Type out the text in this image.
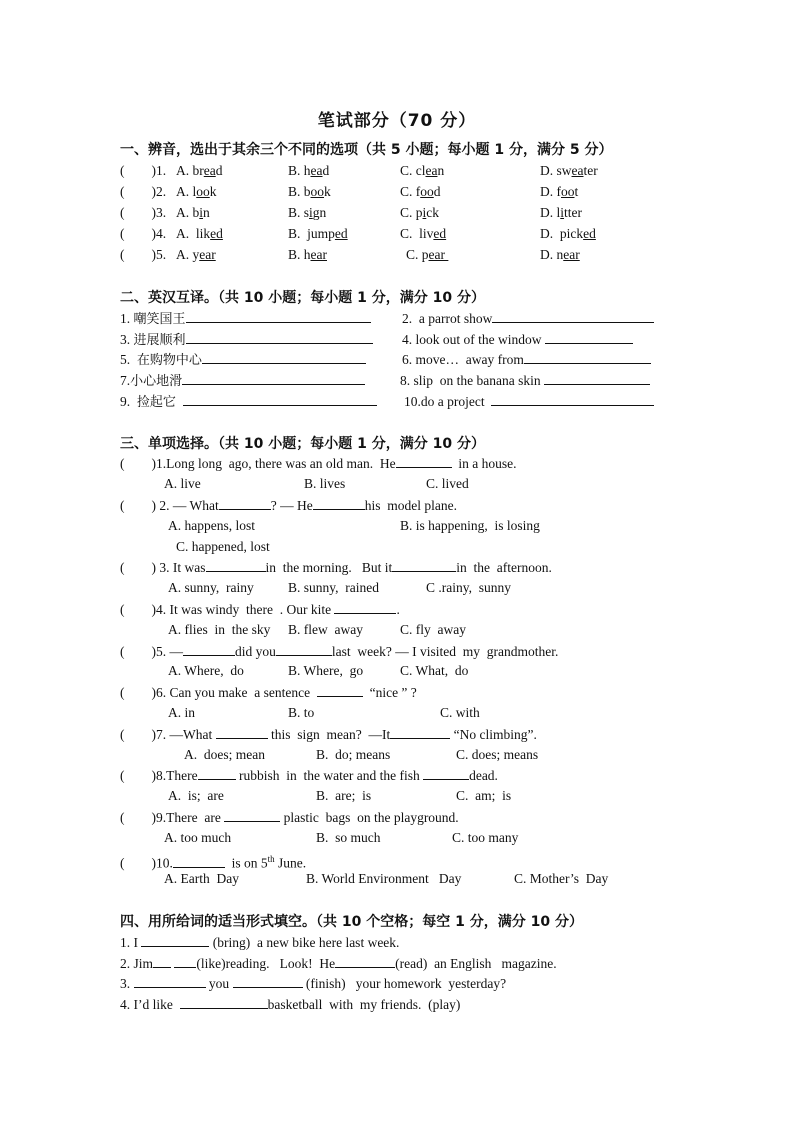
笔试部分（70 分）
一、辨音，选出于其余三个不同的选项（共 5 小题；每小题 1 分，满分 5 分）
(        )1. A. bread	B. head	C. clean	D. sweater
(        )2. A. look	B. book	C. food	D. foot
(        )3. A. bin	B. sign	C. pick	D. litter
(        )4. A.  liked	B.  jumped	C.  lived	D.  picked
(        )5. A. year	B. hear	C. pear	D. near
二、英汉互译。（共 10 小题；每小题 1 分，满分 10 分）
1. 嘲笑国王	2. a parrot show
3. 进展顺利	4. look out of the window
5. 在购物中心	6. move…  away from
7.小心地滑	8. slip  on the banana skin
9. 捡起它	10.do a project
三、单项选择。（共 10 小题；每小题 1 分，满分 10 分）
(        )1.Long long  ago, there was an old man.  He	in a house.
A. live	B. lives	C. lived
(        ) 2. — What	? — He	his  model plane.
A. happens, lost	B. is happening,  is losing
C. happened, lost
(        ) 3. It was	in  the morning.   But it	in  the  afternoon.
A. sunny,  rainy	B. sunny,  rained	C .rainy,  sunny
(        )4. It was windy  there  . Our kite	.
A. flies  in  the sky B. flew  away	C. fly  away
(        )5. —	did you	last  week? — I visited  my  grandmother.
A. Where,  do	B. Where,  go	C. What,  do
(        )6. Can you make  a sentence	“nice ” ?
A. in	B. to	C. with
(        )7. —What	this  sign  mean?  —It	“No climbing”.
A.  does; mean	B.  do; means	C. does; means
(        )8.There	rubbish  in  the water and the fish	dead.
A.  is;  are	B.  are;  is	C.  am;  is
(        )9.There  are	plastic  bags  on the playground.
A. too much	B.  so much	C. too many
(        )10.	is on 5th June.
A. Earth  Day	B. World Environment   Day	C. Mother’s  Day
四、用所给词的适当形式填空。（共 10 个空格；每空 1 分，满分 10 分）
1. I	(bring)  a new bike here last week.
2. Jim	(like)reading.   Look!  He	(read)  an English   magazine.
3.	you	(finish)   your homework  yesterday?
4. I’d like	basketball  with  my friends.  (play)
